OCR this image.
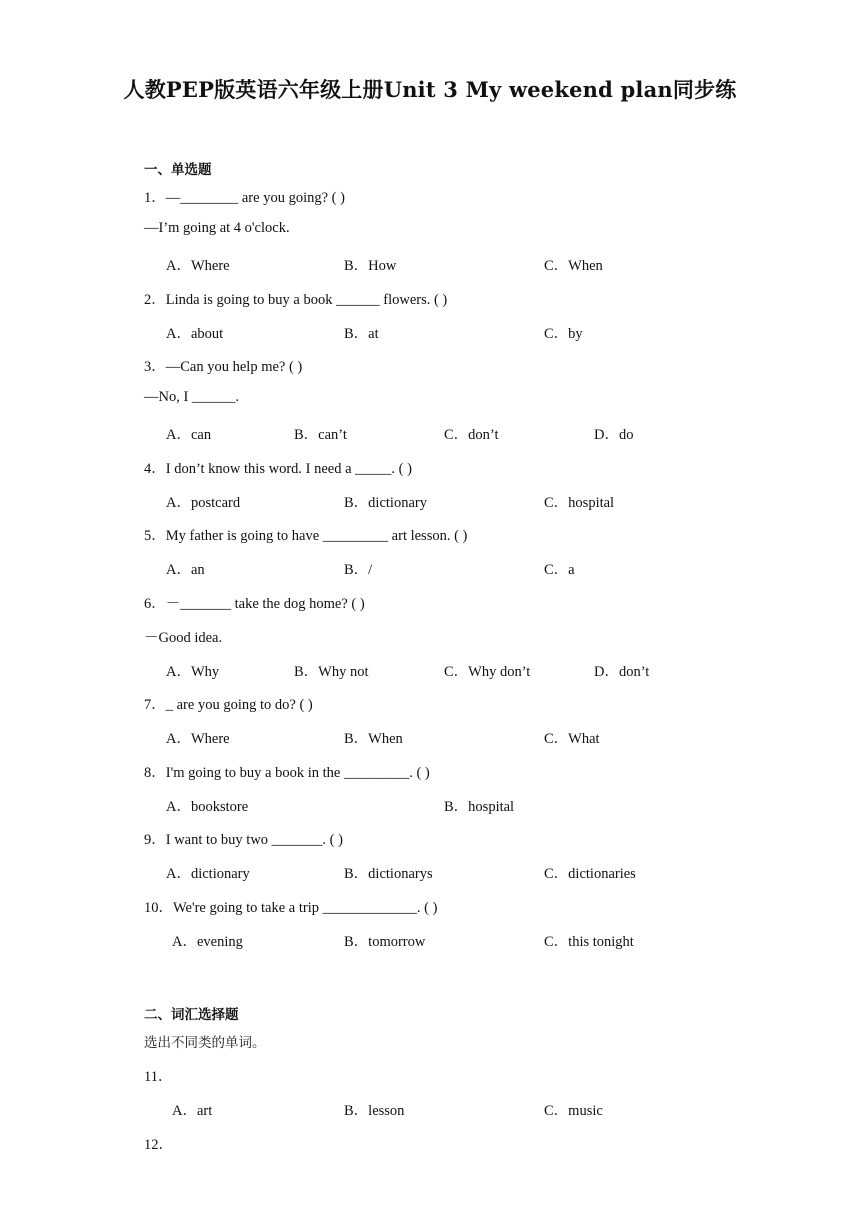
人教PEP版英语六年级上册Unit 3 My weekend plan同步练
一、单选题
1．—________ are you going? ( )
—I’m going at 4 o'clock.
A．Where	B．How	C．When
2．Linda is going to buy a book ______ flowers. ( )
A．about	B．at	C．by
3．—Can you help me? ( )
—No, I ______.
A．can	B．can’t	C．don’t	D．do
4．I don’t know this word. I need a _____. ( )
A．postcard	B．dictionary	C．hospital
5．My father is going to have _________ art lesson. ( )
A．an	B．/	C．a
6．－_______ take the dog home? ( )
－Good idea.
A．Why	B．Why not	C．Why don’t	D．don’t
7．_ are you going to do? ( )
A．Where	B．When	C．What
8．I'm going to buy a book in the _________. ( )
A．bookstore	B．hospital
9．I want to buy two _______. ( )
A．dictionary	B．dictionarys	C．dictionaries
10．We're going to take a trip _____________. ( )
A．evening	B．tomorrow	C．this tonight
二、词汇选择题
选出不同类的单词。
11．
A．art	B．lesson	C．music
12．
